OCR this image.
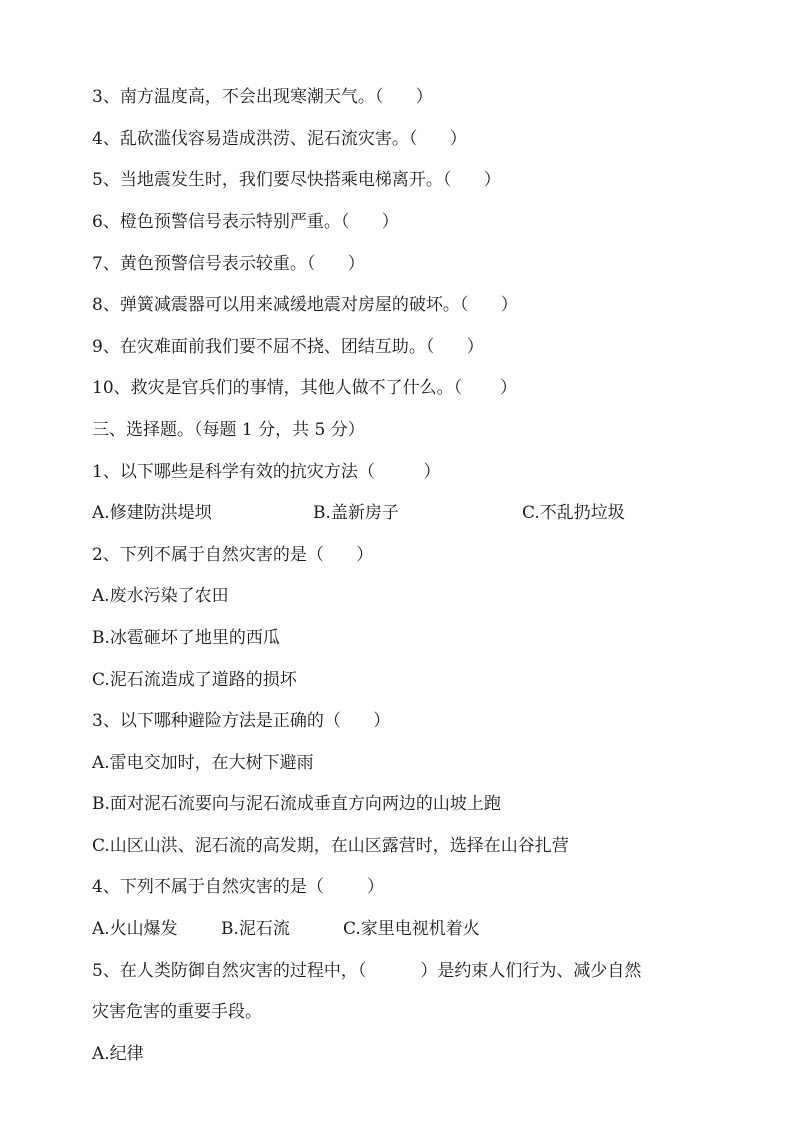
3、南方温度高，不会出现寒潮天气。（      ）
4、乱砍滥伐容易造成洪涝、泥石流灾害。（      ）
5、当地震发生时，我们要尽快搭乘电梯离开。（      ）
6、橙色预警信号表示特别严重。（      ）
7、黄色预警信号表示较重。（      ）
8、弹簧减震器可以用来减缓地震对房屋的破坏。（      ）
9、在灾难面前我们要不屈不挠、团结互助。（      ）
10、救灾是官兵们的事情，其他人做不了什么。（       ）
三、选择题。（每题 1 分，共 5 分）
1、以下哪些是科学有效的抗灾方法（         ）
A.修建防洪堤坝	B.盖新房子	C.不乱扔垃圾
2、下列不属于自然灾害的是（      ）
A.废水污染了农田
B.冰雹砸坏了地里的西瓜
C.泥石流造成了道路的损坏
3、以下哪种避险方法是正确的（      ）
A.雷电交加时，在大树下避雨
B.面对泥石流要向与泥石流成垂直方向两边的山坡上跑
C.山区山洪、泥石流的高发期，在山区露营时，选择在山谷扎营
4、下列不属于自然灾害的是（        ）
A.火山爆发	B.泥石流	C.家里电视机着火
5、在人类防御自然灾害的过程中，（          ）是约束人们行为、减少自然
灾害危害的重要手段。
A.纪律
